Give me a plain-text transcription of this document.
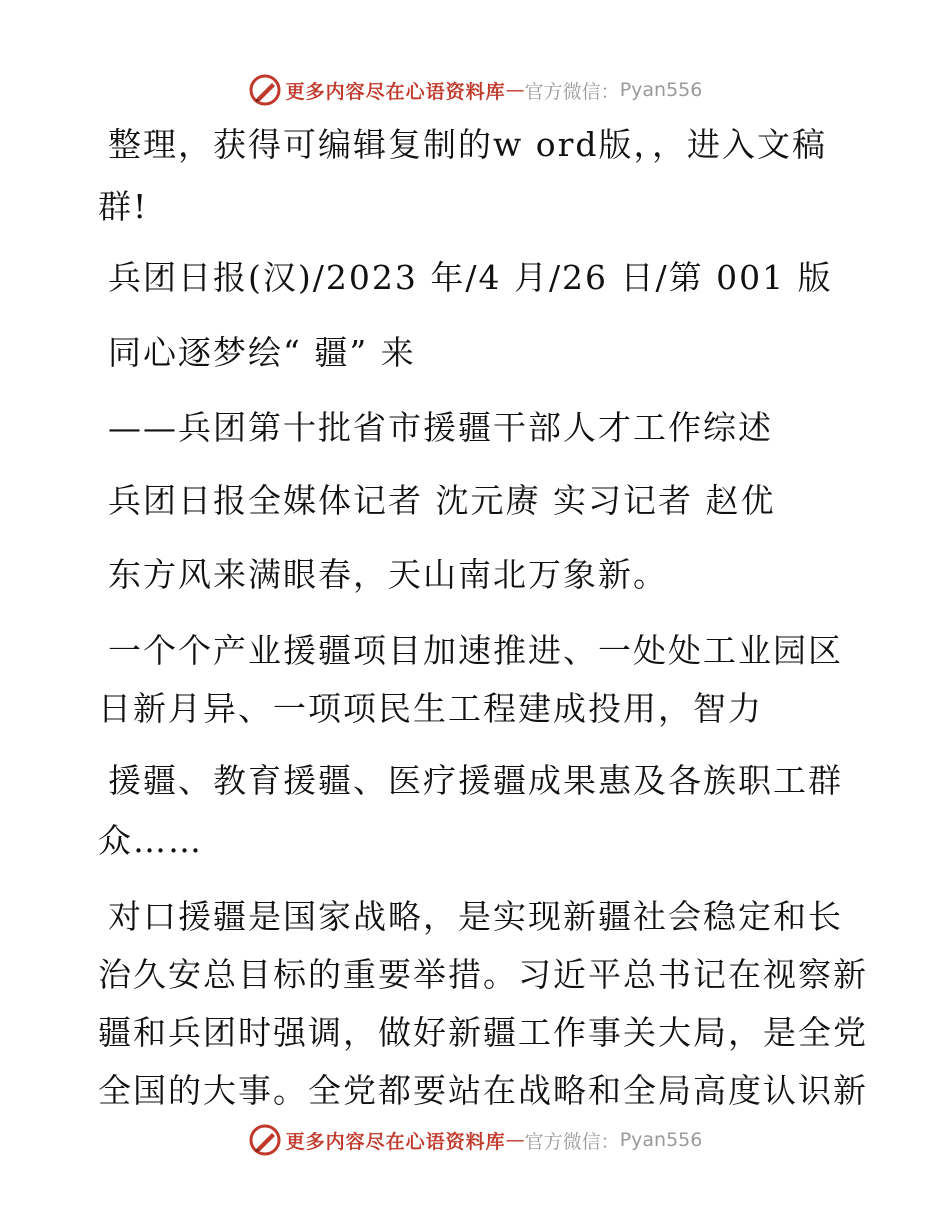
更多内容尽在心语资料库 — 官方微信： Pyan556
整理，获得可编辑复制的w ord版，，进入文稿
群!
兵团日报(汉)/2023 年/4 月/26 日/第 001 版
同心逐梦绘“ 疆” 来
——兵团第十批省市援疆干部人才工作综述
兵团日报全媒体记者 沈元赓 实习记者 赵优
东方风来满眼春，天山南北万象新。
一个个产业援疆项目加速推进、一处处工业园区
日新月异、一项项民生工程建成投用，智力
援疆、教育援疆、医疗援疆成果惠及各族职工群
众……
对口援疆是国家战略，是实现新疆社会稳定和长
治久安总目标的重要举措。习近平总书记在视察新
疆和兵团时强调，做好新疆工作事关大局，是全党
全国的大事。全党都要站在战略和全局高度认识新
更多内容尽在心语资料库 — 官方微信： Pyan556
